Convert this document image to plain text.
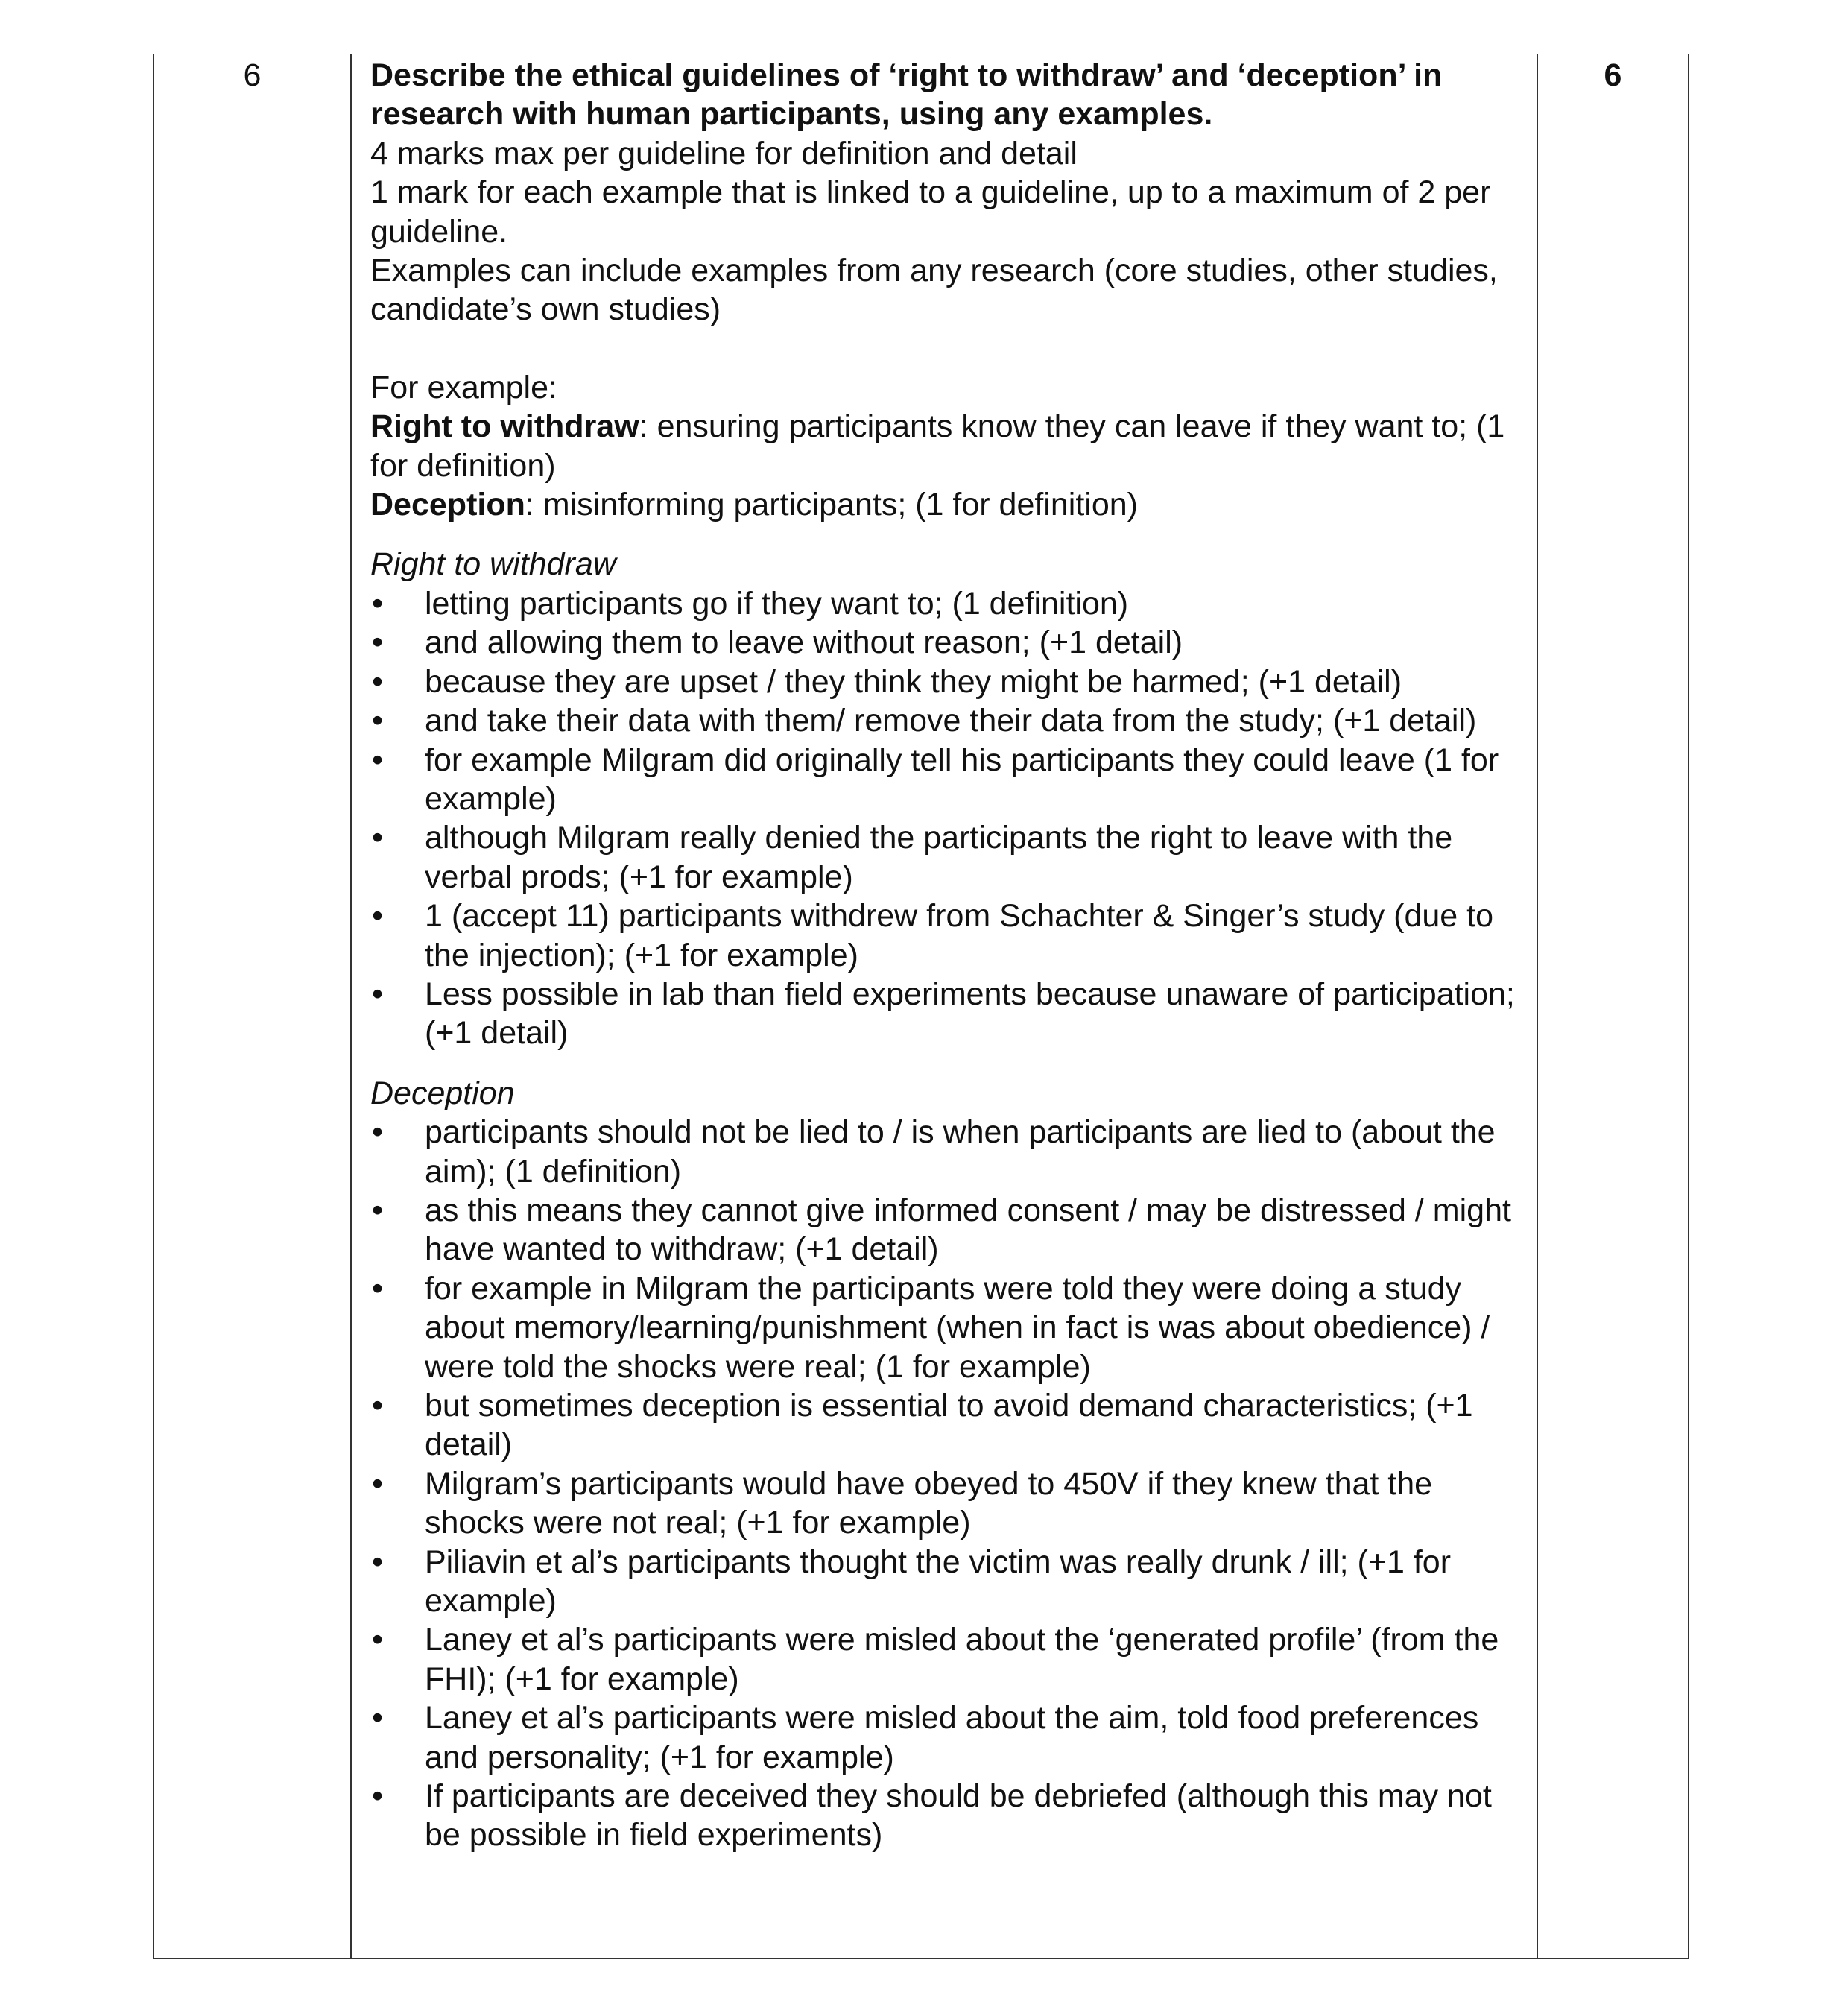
6	Describe the ethical guidelines of ‘right to withdraw’ and ‘deception’ in research with human participants, using any examples.

4 marks max per guideline for definition and detail

1 mark for each example that is linked to a guideline, up to a maximum of 2 per guideline.

Examples can include examples from any research (core studies, other studies, candidate’s own studies)

For example:

Right to withdraw: ensuring participants know they can leave if they want to; (1 for definition)

Deception: misinforming participants; (1 for definition)

Right to withdraw

•	letting participants go if they want to; (1 definition)
•	and allowing them to leave without reason; (+1 detail)
•	because they are upset / they think they might be harmed; (+1 detail)
•	and take their data with them/ remove their data from the study; (+1 detail)
•	for example Milgram did originally tell his participants they could leave (1 for example)
•	although Milgram really denied the participants the right to leave with the verbal prods; (+1 for example)
•	1 (accept 11) participants withdrew from Schachter & Singer’s study (due to the injection); (+1 for example)
•	Less possible in lab than field experiments because unaware of participation; (+1 detail)

Deception

•	participants should not be lied to / is when participants are lied to (about the aim); (1 definition)
•	as this means they cannot give informed consent / may be distressed / might have wanted to withdraw; (+1 detail)
•	for example in Milgram the participants were told they were doing a study about memory/learning/punishment (when in fact is was about obedience) / were told the shocks were real; (1 for example)
•	but sometimes deception is essential to avoid demand characteristics; (+1 detail)
•	Milgram’s participants would have obeyed to 450V if they knew that the shocks were not real; (+1 for example)
•	Piliavin et al’s participants thought the victim was really drunk / ill; (+1 for example)
•	Laney et al’s participants were misled about the ‘generated profile’ (from the FHI); (+1 for example)
•	Laney et al’s participants were misled about the aim, told food preferences and personality; (+1 for example)
•	If participants are deceived they should be debriefed (although this may not be possible in field experiments)
6
